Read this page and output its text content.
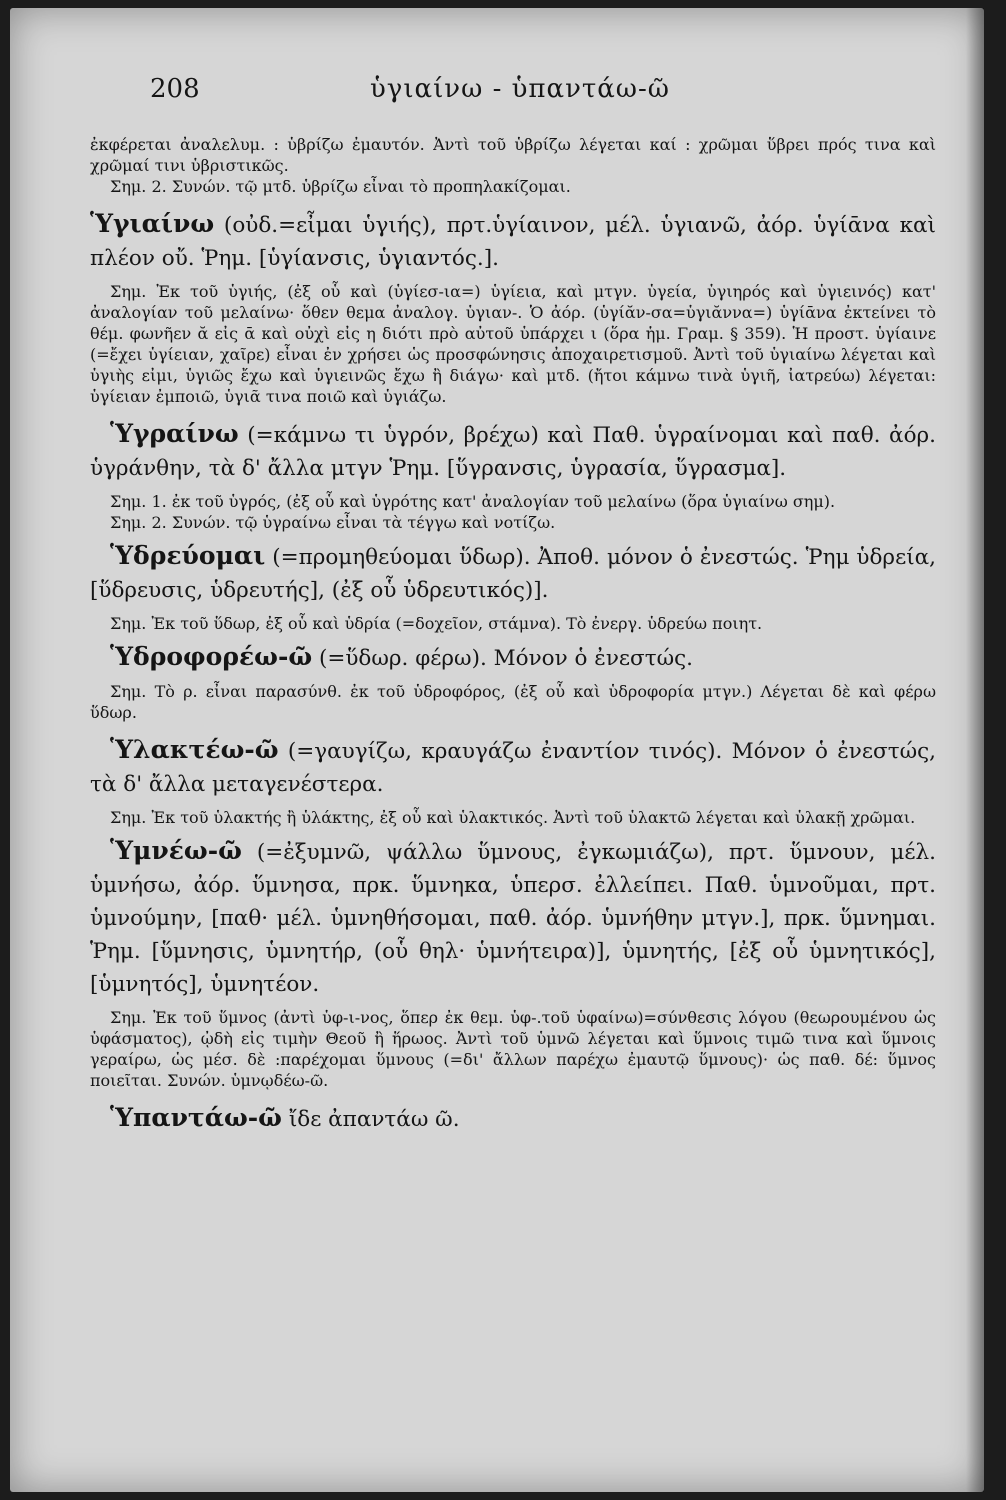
208	ὑγιαίνω - ὑπαντάω-ῶ

ἐκφέρεται ἀναλελυμ. : ὑβρίζω ἐμαυτόν. Ἀντὶ τοῦ ὑβρίζω λέγεται καί : χρῶμαι ὕβρει πρός τινα καὶ χρῶμαί τινι ὑβριστικῶς.

Σημ. 2. Συνών. τῷ μτδ. ὑβρίζω εἶναι τὸ προπηλακίζομαι.

Ὑγιαίνω (οὐδ.=εἶμαι ὑγιής), πρτ.ὑγίαινον, μέλ. ὑγιανῶ, ἀόρ. ὑγίᾱνα καὶ πλέον οὔ. Ῥημ. [ὑγίανσις, ὑγιαντός.].

Σημ. Ἐκ τοῦ ὑγιής, (ἐξ οὗ καὶ (ὑγίεσ-ια=) ὑγίεια, καὶ μτγν. ὑγεία, ὑγιηρός καὶ ὑγιεινός) κατ' ἀναλογίαν τοῦ μελαίνω· ὅθεν θεμα ἀναλογ. ὑγιαν-. Ὁ ἀόρ. (ὑγίᾰν-σα=ὑγιᾰννα=) ὑγίᾱνα ἐκτείνει τὸ θέμ. φωνῆεν ᾰ εἰς ᾱ καὶ οὐχὶ εἰς η διότι πρὸ αὐτοῦ ὑπάρχει ι (ὅρα ἡμ. Γραμ. § 359). Ἡ προστ. ὑγίαινε (=ἔχει ὑγίειαν, χαῖρε) εἶναι ἐν χρήσει ὡς προσφώνησις ἀποχαιρετισμοῦ. Ἀντὶ τοῦ ὑγιαίνω λέγεται καὶ ὑγιὴς εἰμι, ὑγιῶς ἔχω καὶ ὑγιεινῶς ἔχω ἢ διάγω· καὶ μτδ. (ἤτοι κάμνω τινὰ ὑγιῆ, ἰατρεύω) λέγεται: ὑγίειαν ἐμποιῶ, ὑγιᾶ τινα ποιῶ καὶ ὑγιάζω.

Ὑγραίνω (=κάμνω τι ὑγρόν, βρέχω) καὶ Παθ. ὑγραίνομαι καὶ παθ. ἀόρ. ὑγράνθην, τὰ δ' ἄλλα μτγν Ῥημ. [ὕγρανσις, ὑγρασία, ὕγρασμα].

Σημ. 1. ἐκ τοῦ ὑγρός, (ἐξ οὗ καὶ ὑγρότης κατ' ἀναλογίαν τοῦ μελαίνω (ὅρα ὑγιαίνω σημ).

Σημ. 2. Συνών. τῷ ὑγραίνω εἶναι τὰ τέγγω καὶ νοτίζω.

Ὑδρεύομαι (=προμηθεύομαι ὕδωρ). Ἀποθ. μόνον ὁ ἐνεστώς. Ῥημ ὑδρεία, [ὕδρευσις, ὑδρευτής], (ἐξ οὗ ὑδρευτικός)].

Σημ. Ἐκ τοῦ ὕδωρ, ἐξ οὗ καὶ ὑδρία (=δοχεῖον, στάμνα). Τὸ ἐνεργ. ὑδρεύω ποιητ.

Ὑδροφορέω-ῶ (=ὕδωρ. φέρω). Μόνον ὁ ἐνεστώς.

Σημ. Τὸ ρ. εἶναι παρασύνθ. ἐκ τοῦ ὑδροφόρος, (ἐξ οὗ καὶ ὑδροφορία μτγν.) Λέγεται δὲ καὶ φέρω ὕδωρ.

Ὑλακτέω-ῶ (=γαυγίζω, κραυγάζω ἐναντίον τινός). Μόνον ὁ ἐνεστώς, τὰ δ' ἄλλα μεταγενέστερα.

Σημ. Ἐκ τοῦ ὑλακτής ἢ ὑλάκτης, ἐξ οὗ καὶ ὑλακτικός. Ἀντὶ τοῦ ὑλακτῶ λέγεται καὶ ὑλακῇ χρῶμαι.

Ὑμνέω-ῶ (=ἐξυμνῶ, ψάλλω ὕμνους, ἐγκωμιάζω), πρτ. ὕμνουν, μέλ. ὑμνήσω, ἀόρ. ὕμνησα, πρκ. ὕμνηκα, ὑπερσ. ἐλλείπει. Παθ. ὑμνοῦμαι, πρτ. ὑμνούμην, [παθ· μέλ. ὑμνηθήσομαι, παθ. ἀόρ. ὑμνήθην μτγν.], πρκ. ὕμνημαι. Ῥημ. [ὕμνησις, ὑμνητήρ, (οὗ θηλ· ὑμνήτειρα)], ὑμνητής, [ἐξ οὗ ὑμνητικός], [ὑμνητός], ὑμνητέον.

Σημ. Ἐκ τοῦ ὕμνος (ἀντὶ ὑφ-ι-νος, ὅπερ ἐκ θεμ. ὑφ-.τοῦ ὑφαίνω)=σύνθεσις λόγου (θεωρουμένου ὡς ὑφάσματος), ᾠδὴ εἰς τιμὴν Θεοῦ ἢ ἥρωος. Ἀντὶ τοῦ ὑμνῶ λέγεται καὶ ὕμνοις τιμῶ τινα καὶ ὕμνοις γεραίρω, ὡς μέσ. δὲ :παρέχομαι ὕμνους (=δι' ἄλλων παρέχω ἐμαυτῷ ὕμνους)· ὡς παθ. δέ: ὕμνος ποιεῖται. Συνών. ὑμνῳδέω-ῶ.

Ὑπαντάω-ῶ ἴδε ἀπαντάω ῶ.
